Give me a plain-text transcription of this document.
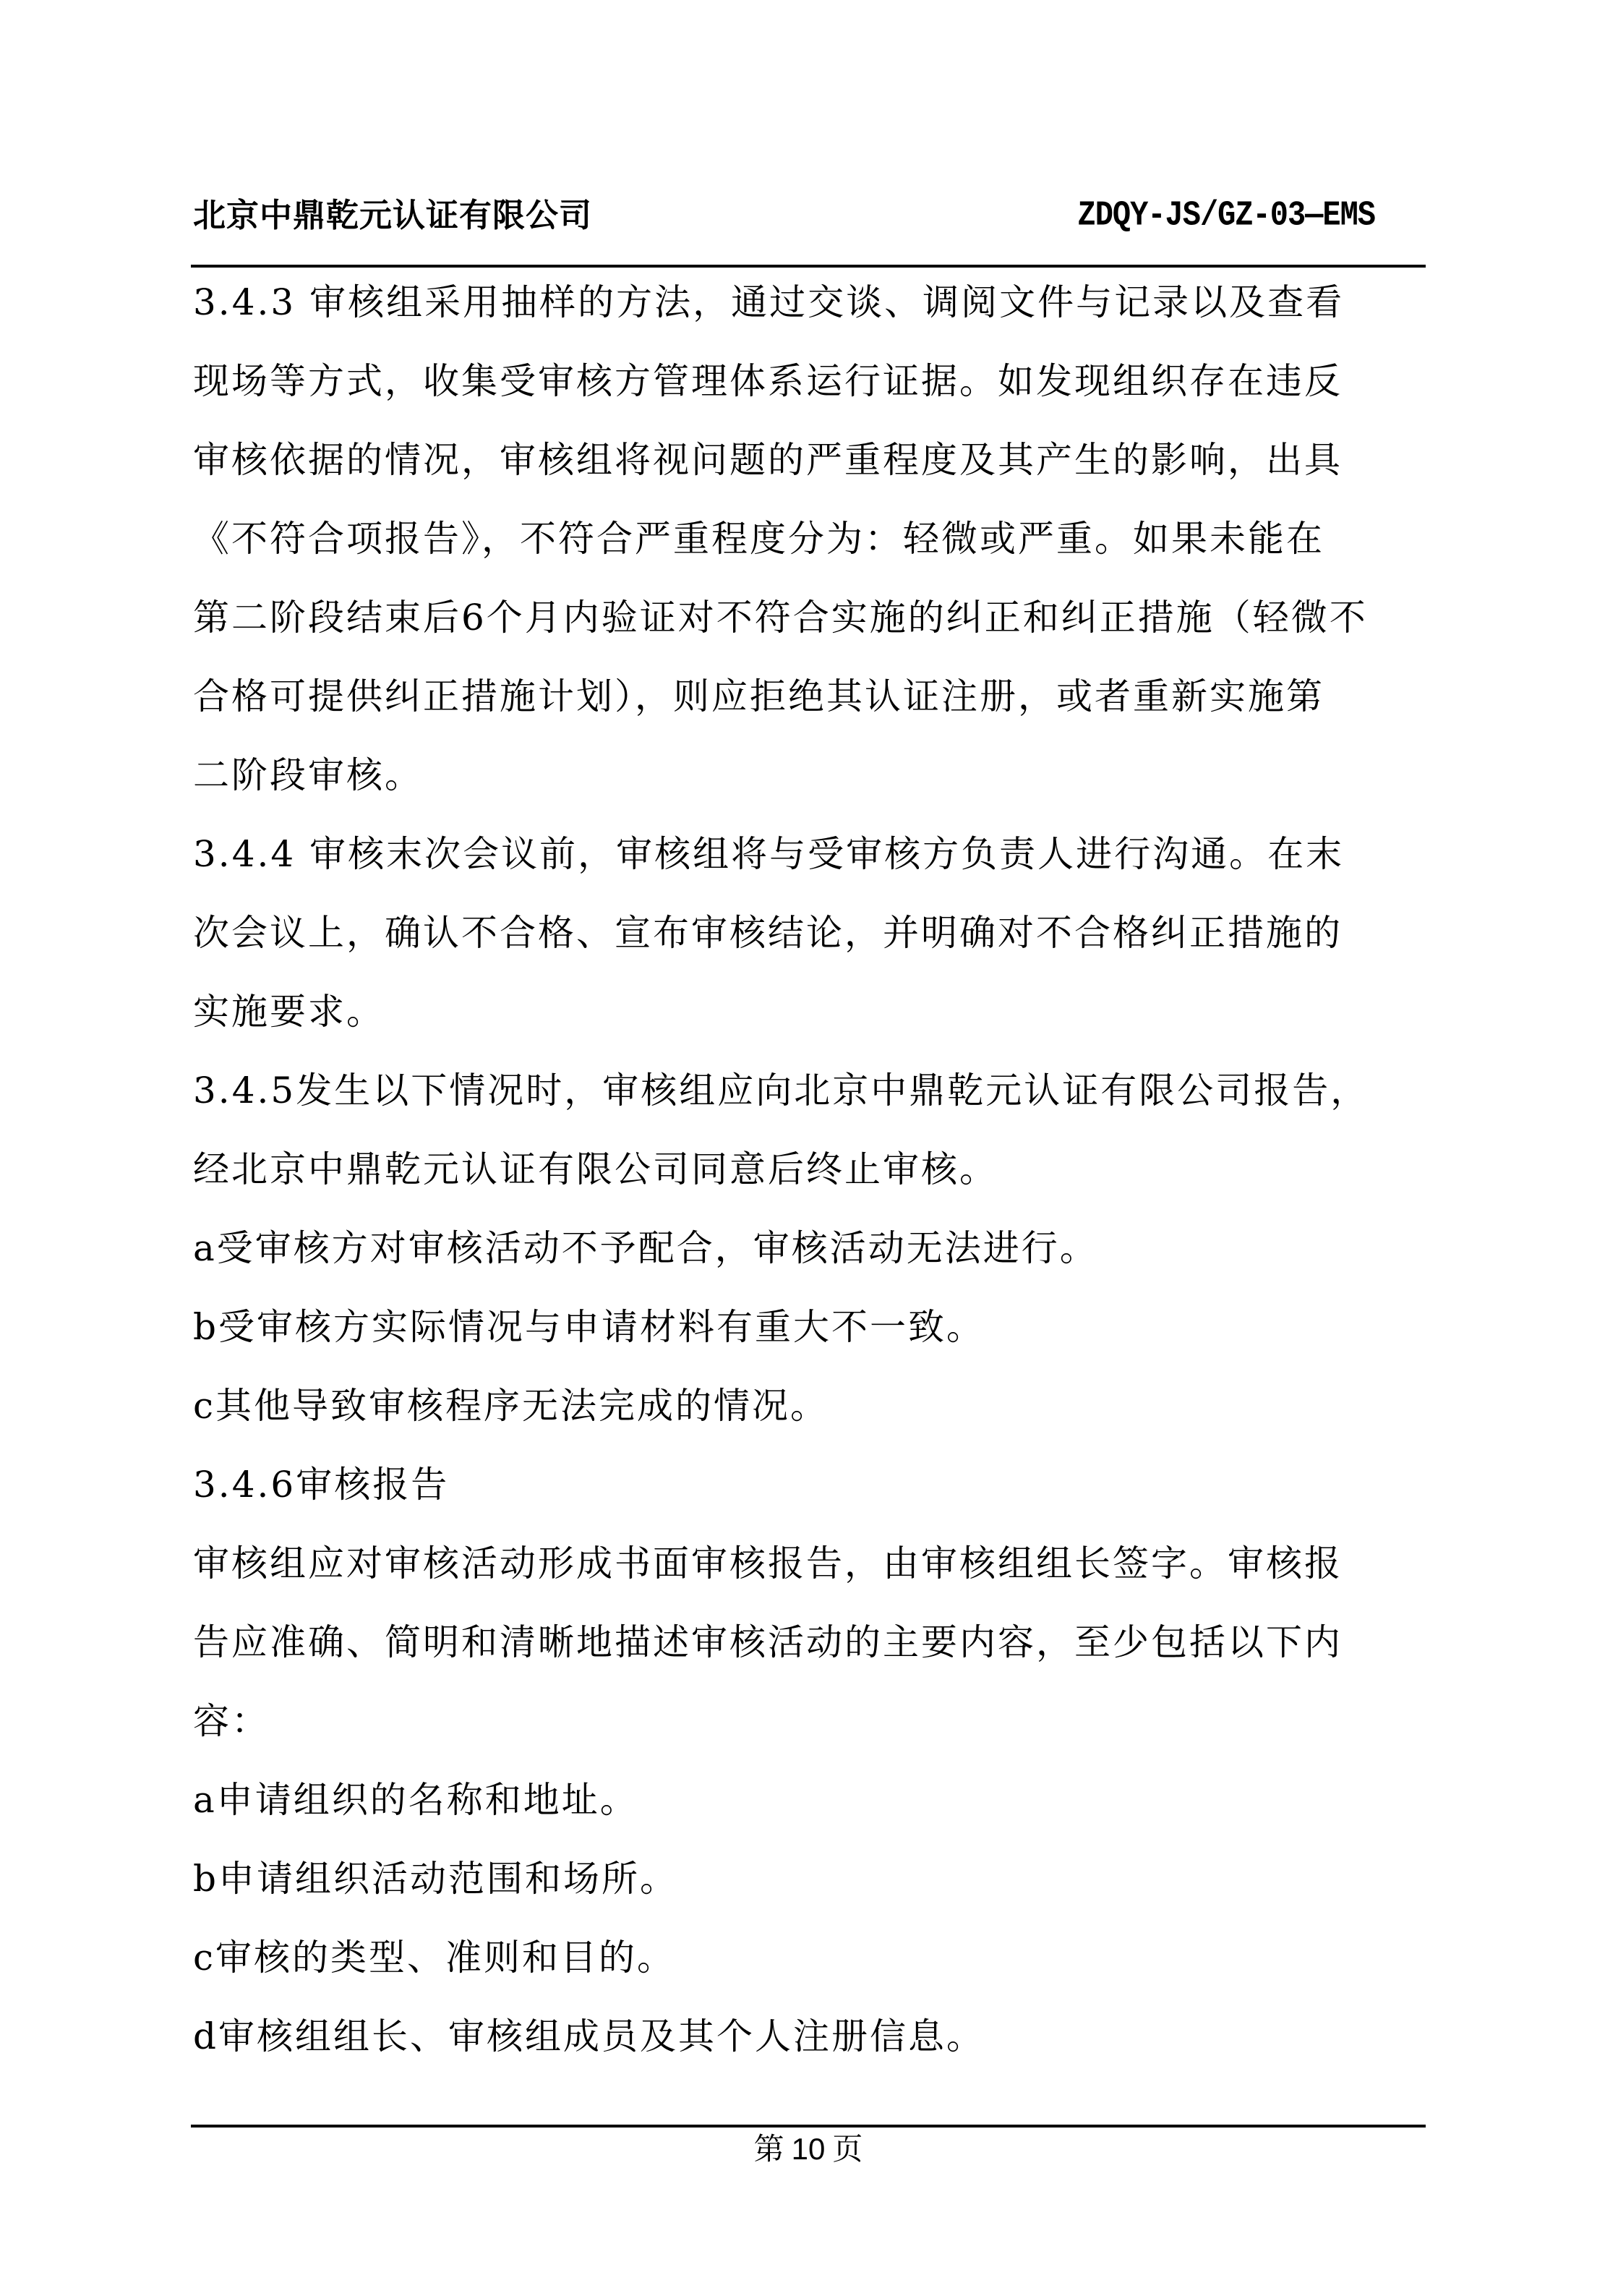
北京中鼎乾元认证有限公司	ZDQY-JS/GZ-03—EMS
3.4.3 审核组采用抽样的方法，通过交谈、调阅文件与记录以及查看
现场等方式，收集受审核方管理体系运行证据。如发现组织存在违反
审核依据的情况，审核组将视问题的严重程度及其产生的影响，出具
《不符合项报告》，不符合严重程度分为：轻微或严重。如果未能在
第二阶段结束后6个月内验证对不符合实施的纠正和纠正措施（轻微不
合格可提供纠正措施计划），则应拒绝其认证注册，或者重新实施第
二阶段审核。
3.4.4 审核末次会议前，审核组将与受审核方负责人进行沟通。在末
次会议上，确认不合格、宣布审核结论，并明确对不合格纠正措施的
实施要求。
3.4.5发生以下情况时，审核组应向北京中鼎乾元认证有限公司报告，
经北京中鼎乾元认证有限公司同意后终止审核。
a受审核方对审核活动不予配合，审核活动无法进行。
b受审核方实际情况与申请材料有重大不一致。
c其他导致审核程序无法完成的情况。
3.4.6审核报告
审核组应对审核活动形成书面审核报告，由审核组组长签字。审核报
告应准确、简明和清晰地描述审核活动的主要内容，至少包括以下内
容：
a申请组织的名称和地址。
b申请组织活动范围和场所。
c审核的类型、准则和目的。
d审核组组长、审核组成员及其个人注册信息。
第 10 页
